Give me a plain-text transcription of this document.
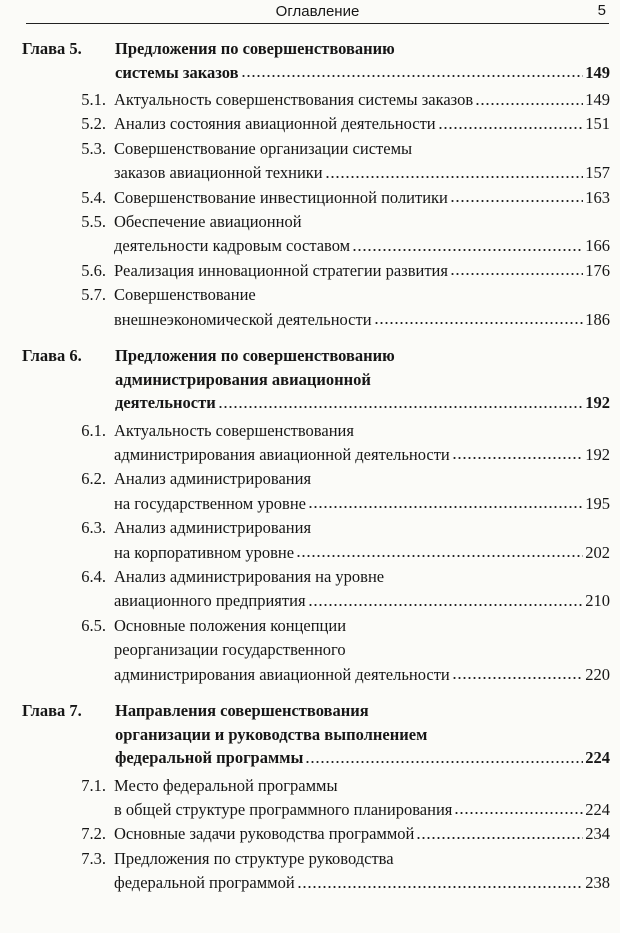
Оглавление	5
Глава 5.	Предложения по совершенствованию
системы заказов	149
5.1. Актуальность совершенствования системы заказов	149
5.2. Анализ состояния авиационной деятельности	151
5.3. Совершенствование организации системы
заказов авиационной техники	157
5.4. Совершенствование инвестиционной политики	163
5.5. Обеспечение авиационной
деятельности кадровым составом	166
5.6. Реализация инновационной стратегии развития	176
5.7. Совершенствование
внешнеэкономической деятельности	186
Глава 6.	Предложения по совершенствованию
администрирования авиационной
деятельности	192
6.1. Актуальность совершенствования
администрирования авиационной деятельности	192
6.2. Анализ администрирования
на государственном уровне	195
6.3. Анализ администрирования
на корпоративном уровне	202
6.4. Анализ администрирования на уровне
авиационного предприятия	210
6.5. Основные положения концепции
реорганизации государственного
администрирования авиационной деятельности	220
Глава 7.	Направления совершенствования
организации и руководства выполнением
федеральной программы	224
7.1. Место федеральной программы
в общей структуре программного планирования	224
7.2. Основные задачи руководства программой	234
7.3. Предложения по структуре руководства
федеральной программой	238
